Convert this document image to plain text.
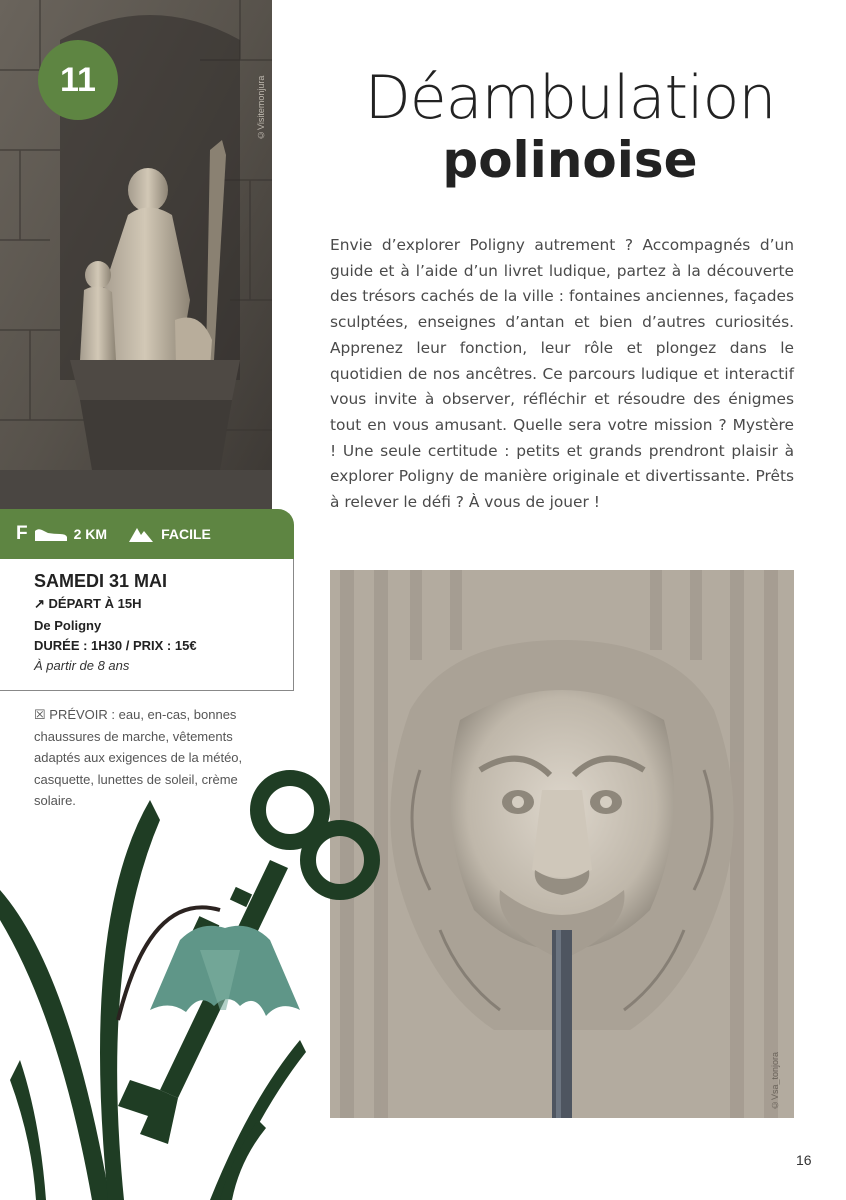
©Visitemonjura
11	Déambulation
polinoise

Envie d’explorer Poligny autrement ? Accompagnés d’un guide et à l’aide d’un livret ludique, partez à la découverte des trésors cachés de la ville : fontaines anciennes, façades sculptées, enseignes d’antan et bien d’autres curiosités. Apprenez leur fonction, leur rôle et plongez dans le quotidien de nos ancêtres. Ce parcours ludique et interactif vous invite à observer, réfléchir et résoudre des énigmes tout en vous amusant. Quelle sera votre mission ? Mystère ! Une seule certitude : petits et grands prendront plaisir à explorer Poligny de manière originale et divertissante. Prêts à relever le défi ? À vous de jouer !

F	2 KM	FACILE
SAMEDI 31 MAI
↗ DÉPART À 15H
De Poligny
DURÉE : 1H30 / PRIX : 15€
À partir de 8 ans
☒ PRÉVOIR : eau, en-cas, bonnes chaussures de marche, vêtements adaptés aux exigences de la météo, casquette, lunettes de soleil, crème solaire.
©Vsa_tonjora
16
